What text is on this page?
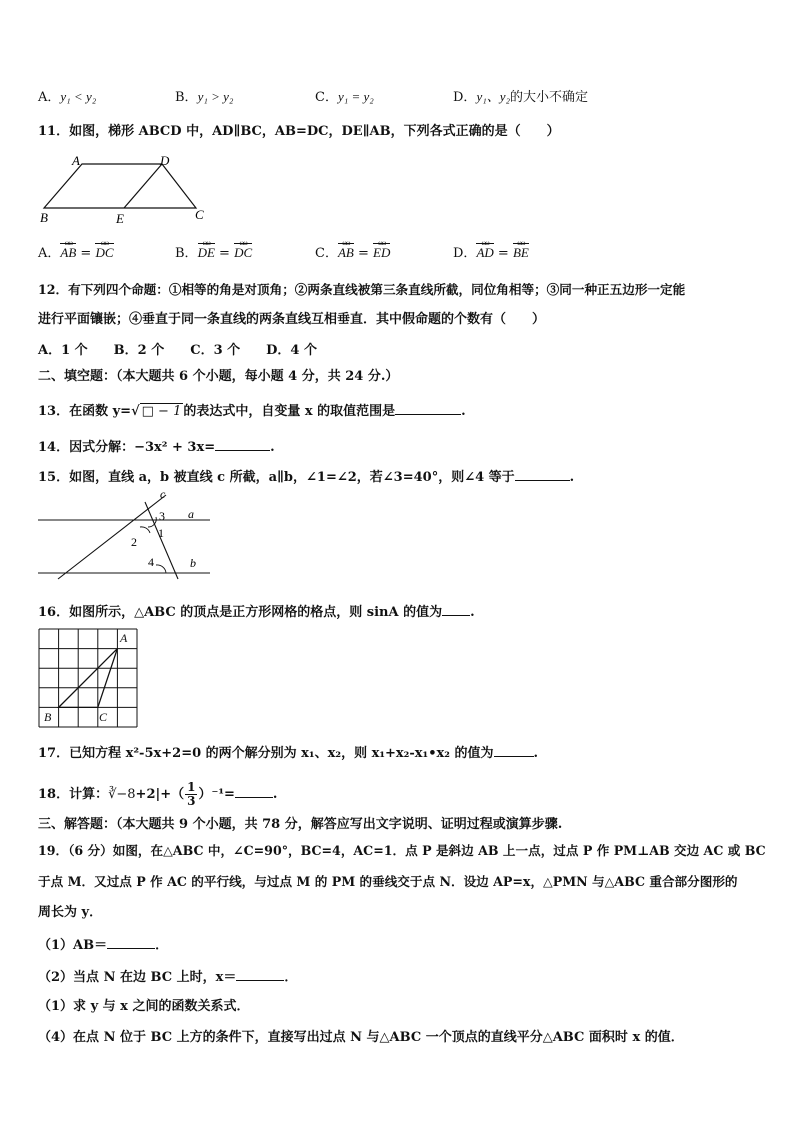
A．y₁ < y₂	B．y₁ > y₂	C．y₁ = y₂	D．y₁、y₂的大小不确定
11．如图，梯形 ABCD 中，AD∥BC，AB=DC，DE∥AB，下列各式正确的是（　　）
A	D
B	E	C
A．AB ωω = DC ωω	B．DE ωω = DC ωω	C．AB ωω = ED ωω	D．AD ωω = BE ωω
12．有下列四个命题：①相等的角是对顶角；②两条直线被第三条直线所截，同位角相等；③同一种正五边形一定能
进行平面镶嵌；④垂直于同一条直线的两条直线互相垂直．其中假命题的个数有（　　）
A．1 个　　B．2 个　　C．3 个　　D．4 个
二、填空题：（本大题共 6 个小题，每小题 4 分，共 24 分.）
13．在函数 y=√ □ − 1 的表达式中，自变量 x 的取值范围是	.
14．因式分解：−3x² + 3x=	.
15．如图，直线 a，b 被直线 c 所截，a∥b，∠1=∠2，若∠3=40°，则∠4 等于	.
c
a
b
3
1
2
4
16．如图所示，△ABC 的顶点是正方形网格的格点，则 sinA 的值为 .
A
B	C
17．已知方程 x²-5x+2=0 的两个解分别为 x₁、x₂，则 x₁+x₂-x₁•x₂ 的值为	.
18．计算：∛−8+2|+（ $\frac{1}{3} )^{-1}=$	.
三、解答题：（本大题共 9 个小题，共 78 分，解答应写出文字说明、证明过程或演算步骤.
19．（6 分）如图，在△ABC 中，∠C=90°，BC=4，AC=1．点 P 是斜边 AB 上一点，过点 P 作 PM⊥AB 交边 AC 或 BC
于点 M．又过点 P 作 AC 的平行线，与过点 M 的 PM 的垂线交于点 N．设边 AP=x，△PMN 与△ABC 重合部分图形的
周长为 y．
（1）AB＝	．
（2）当点 N 在边 BC 上时，x＝	．
（1）求 y 与 x 之间的函数关系式．
（4）在点 N 位于 BC 上方的条件下，直接写出过点 N 与△ABC 一个顶点的直线平分△ABC 面积时 x 的值．
